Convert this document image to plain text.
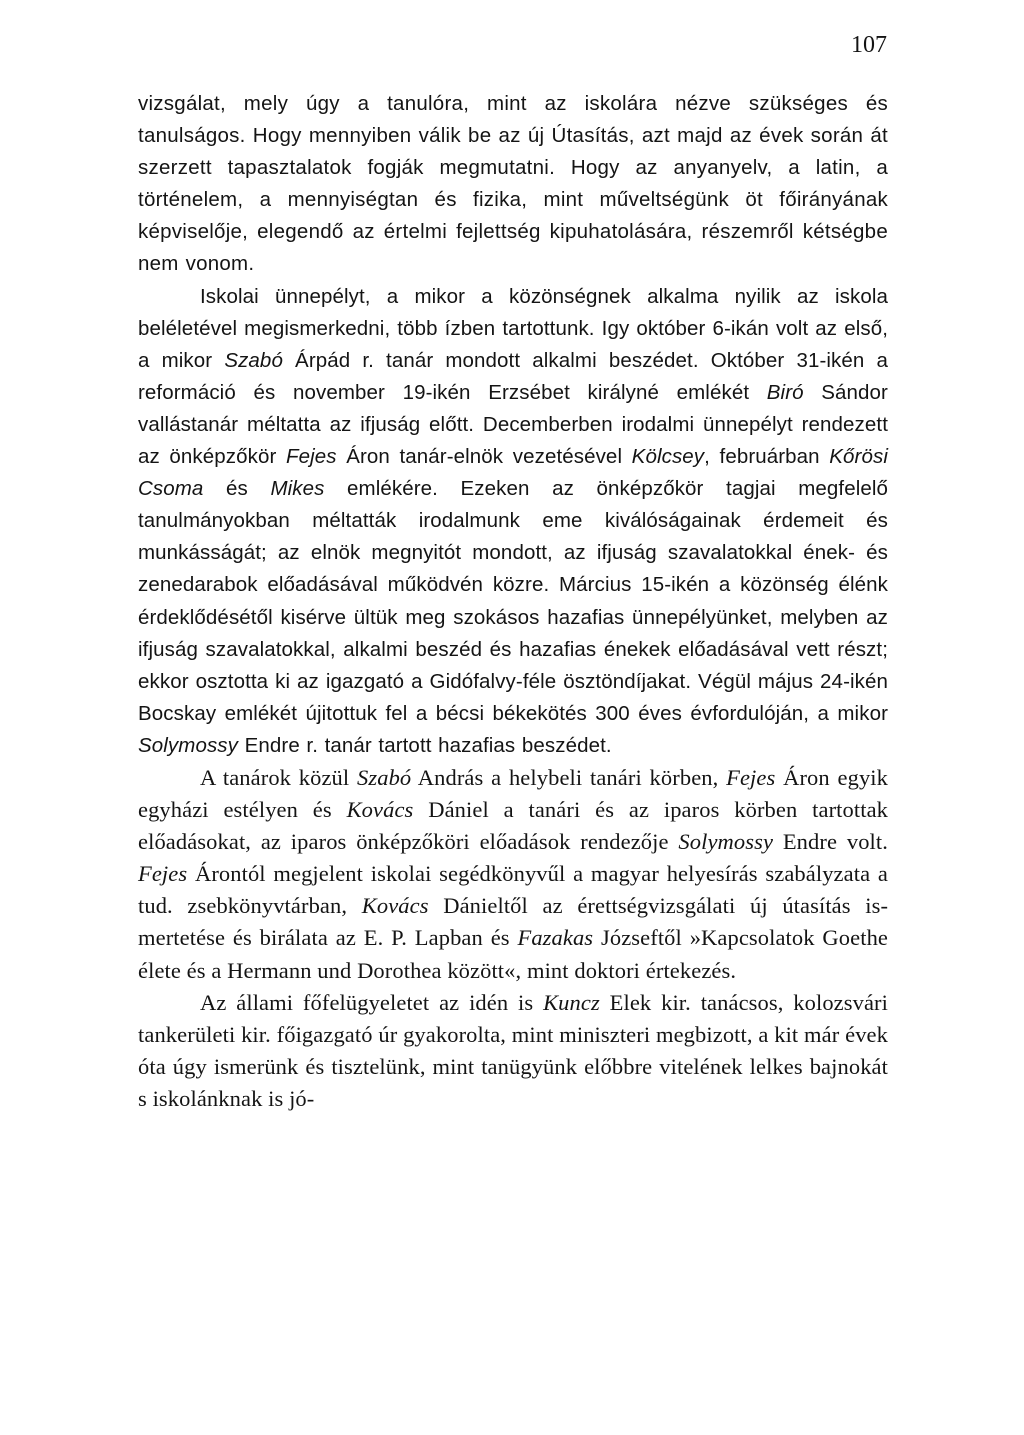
107

vizsgálat, mely úgy a tanulóra, mint az iskolára nézve szükséges és tanulságos. Hogy mennyiben válik be az új Útasítás, azt majd az évek során át szerzett tapasztalatok fogják megmutatni. Hogy az anyanyelv, a latin, a történelem, a mennyiségtan és fizika, mint műveltségünk öt főirányának képviselője, elegendő az értelmi fejlettség kipuhatolására, részemről kétségbe nem vonom.

Iskolai ünnepélyt, a mikor a közönségnek alkalma nyilik az iskola beléletével megismerkedni, több ízben tartottunk. Igy október 6-ikán volt az első, a mikor Szabó Árpád r. tanár mondott alkalmi beszédet. Október 31-ikén a reformáció és november 19-ikén Erzsébet királyné emlékét Biró Sándor vallástanár méltatta az ifjuság előtt. Decemberben irodalmi ünnepélyt rendezett az önképzőkör Fejes Áron tanár-elnök vezetésével Kölcsey, februárban Kőrösi Csoma és Mikes emlékére. Ezeken az önképzőkör tagjai megfelelő tanulmányokban méltatták irodalmunk eme kiválóságainak érdemeit és munkásságát; az elnök megnyitót mondott, az ifjuság szavalatokkal ének- és zenedarabok előadásával működvén közre. Március 15-ikén a közönség élénk érdeklődésétől kisérve ültük meg szokásos hazafias ünnepélyünket, melyben az ifjuság szavalatokkal, alkalmi beszéd és hazafias énekek előadásával vett részt; ekkor osztotta ki az igazgató a Gidófalvy-féle ösztöndíjakat. Végül május 24-ikén Bocskay emlékét újitottuk fel a bécsi békekötés 300 éves évfordulóján, a mikor Solymossy Endre r. tanár tartott hazafias beszédet.

A tanárok közül Szabó András a helybeli tanári körben, Fejes Áron egyik egyházi estélyen és Kovács Dániel a tanári és az iparos körben tartottak előadásokat, az iparos önképzőköri előadások rendezője Solymossy Endre volt. Fejes Árontól megjelent iskolai segédkönyvűl a magyar helyesírás szabályzata a tud. zsebkönyvtárban, Kovács Dánieltől az érettségvizsgálati új útasítás ismertetése és birálata az E. P. Lapban és Fazakas Józseftől »Kapcsolatok Goethe élete és a Hermann und Dorothea között«, mint doktori értekezés.

Az állami főfelügyeletet az idén is Kuncz Elek kir. tanácsos, kolozsvári tankerületi kir. főigazgató úr gyakorolta, mint miniszteri megbizott, a kit már évek óta úgy ismerünk és tisztelünk, mint tanügyünk előbbre vitelének lelkes bajnokát s iskolánknak is jó-
